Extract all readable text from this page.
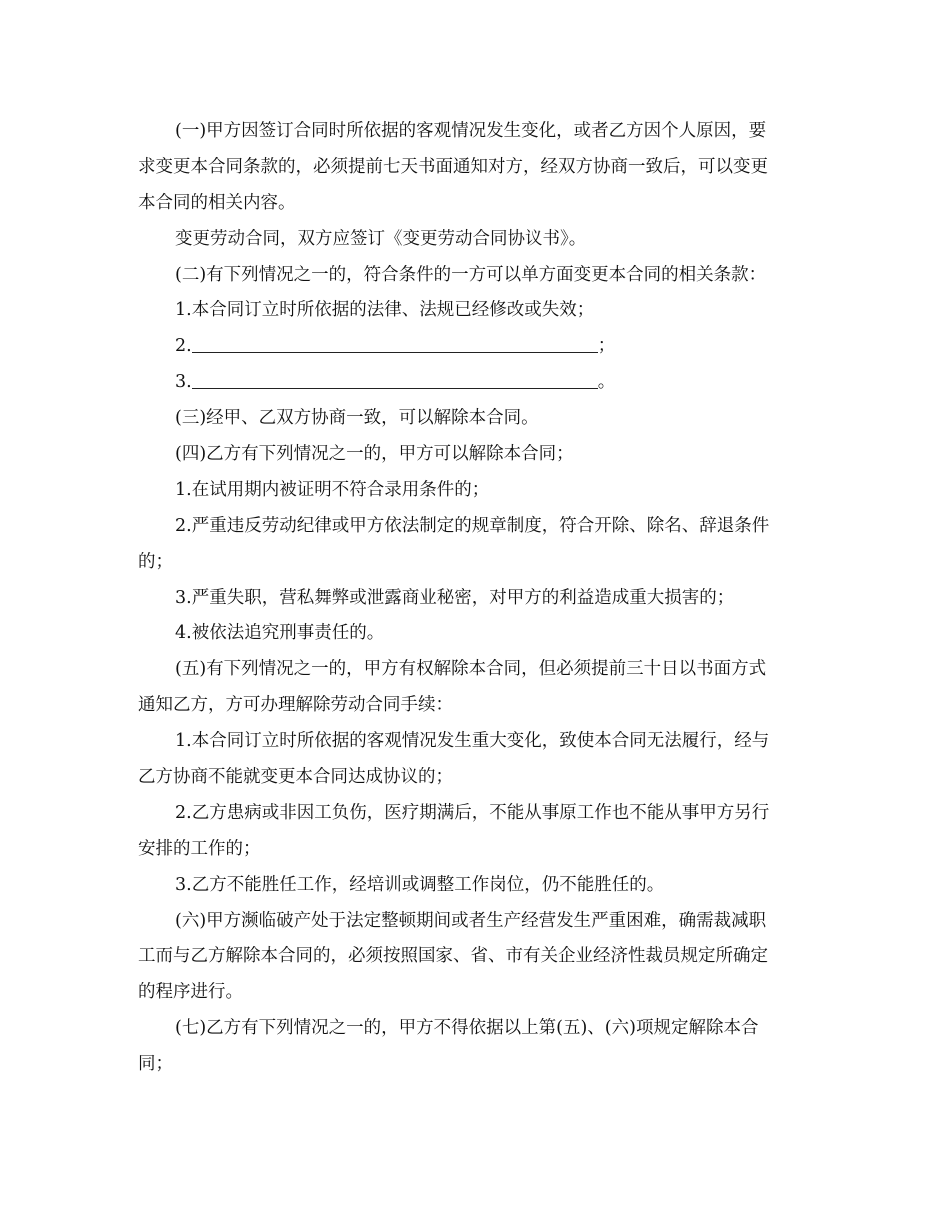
(一)甲方因签订合同时所依据的客观情况发生变化，或者乙方因个人原因，要
求变更本合同条款的，必须提前七天书面通知对方，经双方协商一致后，可以变更
本合同的相关内容。
变更劳动合同，双方应签订《变更劳动合同协议书》。
(二)有下列情况之一的，符合条件的一方可以单方面变更本合同的相关条款：
1.本合同订立时所依据的法律、法规已经修改或失效；
2.	；
3.	。
(三)经甲、乙双方协商一致，可以解除本合同。
(四)乙方有下列情况之一的，甲方可以解除本合同；
1.在试用期内被证明不符合录用条件的；
2.严重违反劳动纪律或甲方依法制定的规章制度，符合开除、除名、辞退条件
的；
3.严重失职，营私舞弊或泄露商业秘密，对甲方的利益造成重大损害的；
4.被依法追究刑事责任的。
(五)有下列情况之一的，甲方有权解除本合同，但必须提前三十日以书面方式
通知乙方，方可办理解除劳动合同手续：
1.本合同订立时所依据的客观情况发生重大变化，致使本合同无法履行，经与
乙方协商不能就变更本合同达成协议的；
2.乙方患病或非因工负伤，医疗期满后，不能从事原工作也不能从事甲方另行
安排的工作的；
3.乙方不能胜任工作，经培训或调整工作岗位，仍不能胜任的。
(六)甲方濒临破产处于法定整顿期间或者生产经营发生严重困难，确需裁减职
工而与乙方解除本合同的，必须按照国家、省、市有关企业经济性裁员规定所确定
的程序进行。
(七)乙方有下列情况之一的，甲方不得依据以上第(五)、(六)项规定解除本合
同；
